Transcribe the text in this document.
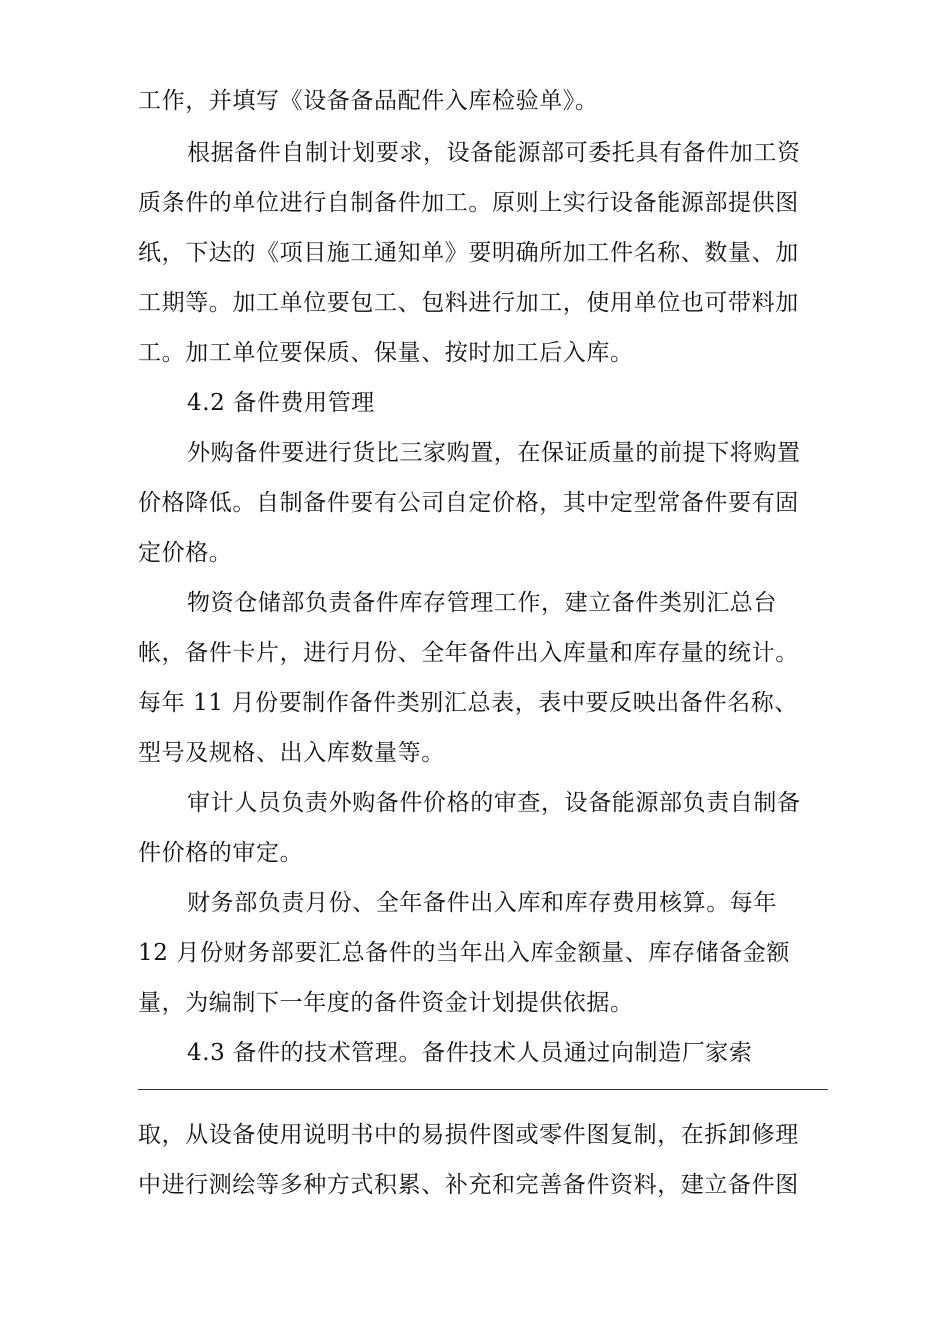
工作，并填写《设备备品配件入库检验单》。
根据备件自制计划要求，设备能源部可委托具有备件加工资
质条件的单位进行自制备件加工。原则上实行设备能源部提供图
纸，下达的《项目施工通知单》要明确所加工件名称、数量、加
工期等。加工单位要包工、包料进行加工，使用单位也可带料加
工。加工单位要保质、保量、按时加工后入库。
4.2 备件费用管理
外购备件要进行货比三家购置，在保证质量的前提下将购置
价格降低。自制备件要有公司自定价格，其中定型常备件要有固
定价格。
物资仓储部负责备件库存管理工作，建立备件类别汇总台
帐，备件卡片，进行月份、全年备件出入库量和库存量的统计。
每年 11 月份要制作备件类别汇总表，表中要反映出备件名称、
型号及规格、出入库数量等。
审计人员负责外购备件价格的审查，设备能源部负责自制备
件价格的审定。
财务部负责月份、全年备件出入库和库存费用核算。每年
12 月份财务部要汇总备件的当年出入库金额量、库存储备金额
量，为编制下一年度的备件资金计划提供依据。
4.3 备件的技术管理。备件技术人员通过向制造厂家索
取，从设备使用说明书中的易损件图或零件图复制，在拆卸修理
中进行测绘等多种方式积累、补充和完善备件资料，建立备件图
